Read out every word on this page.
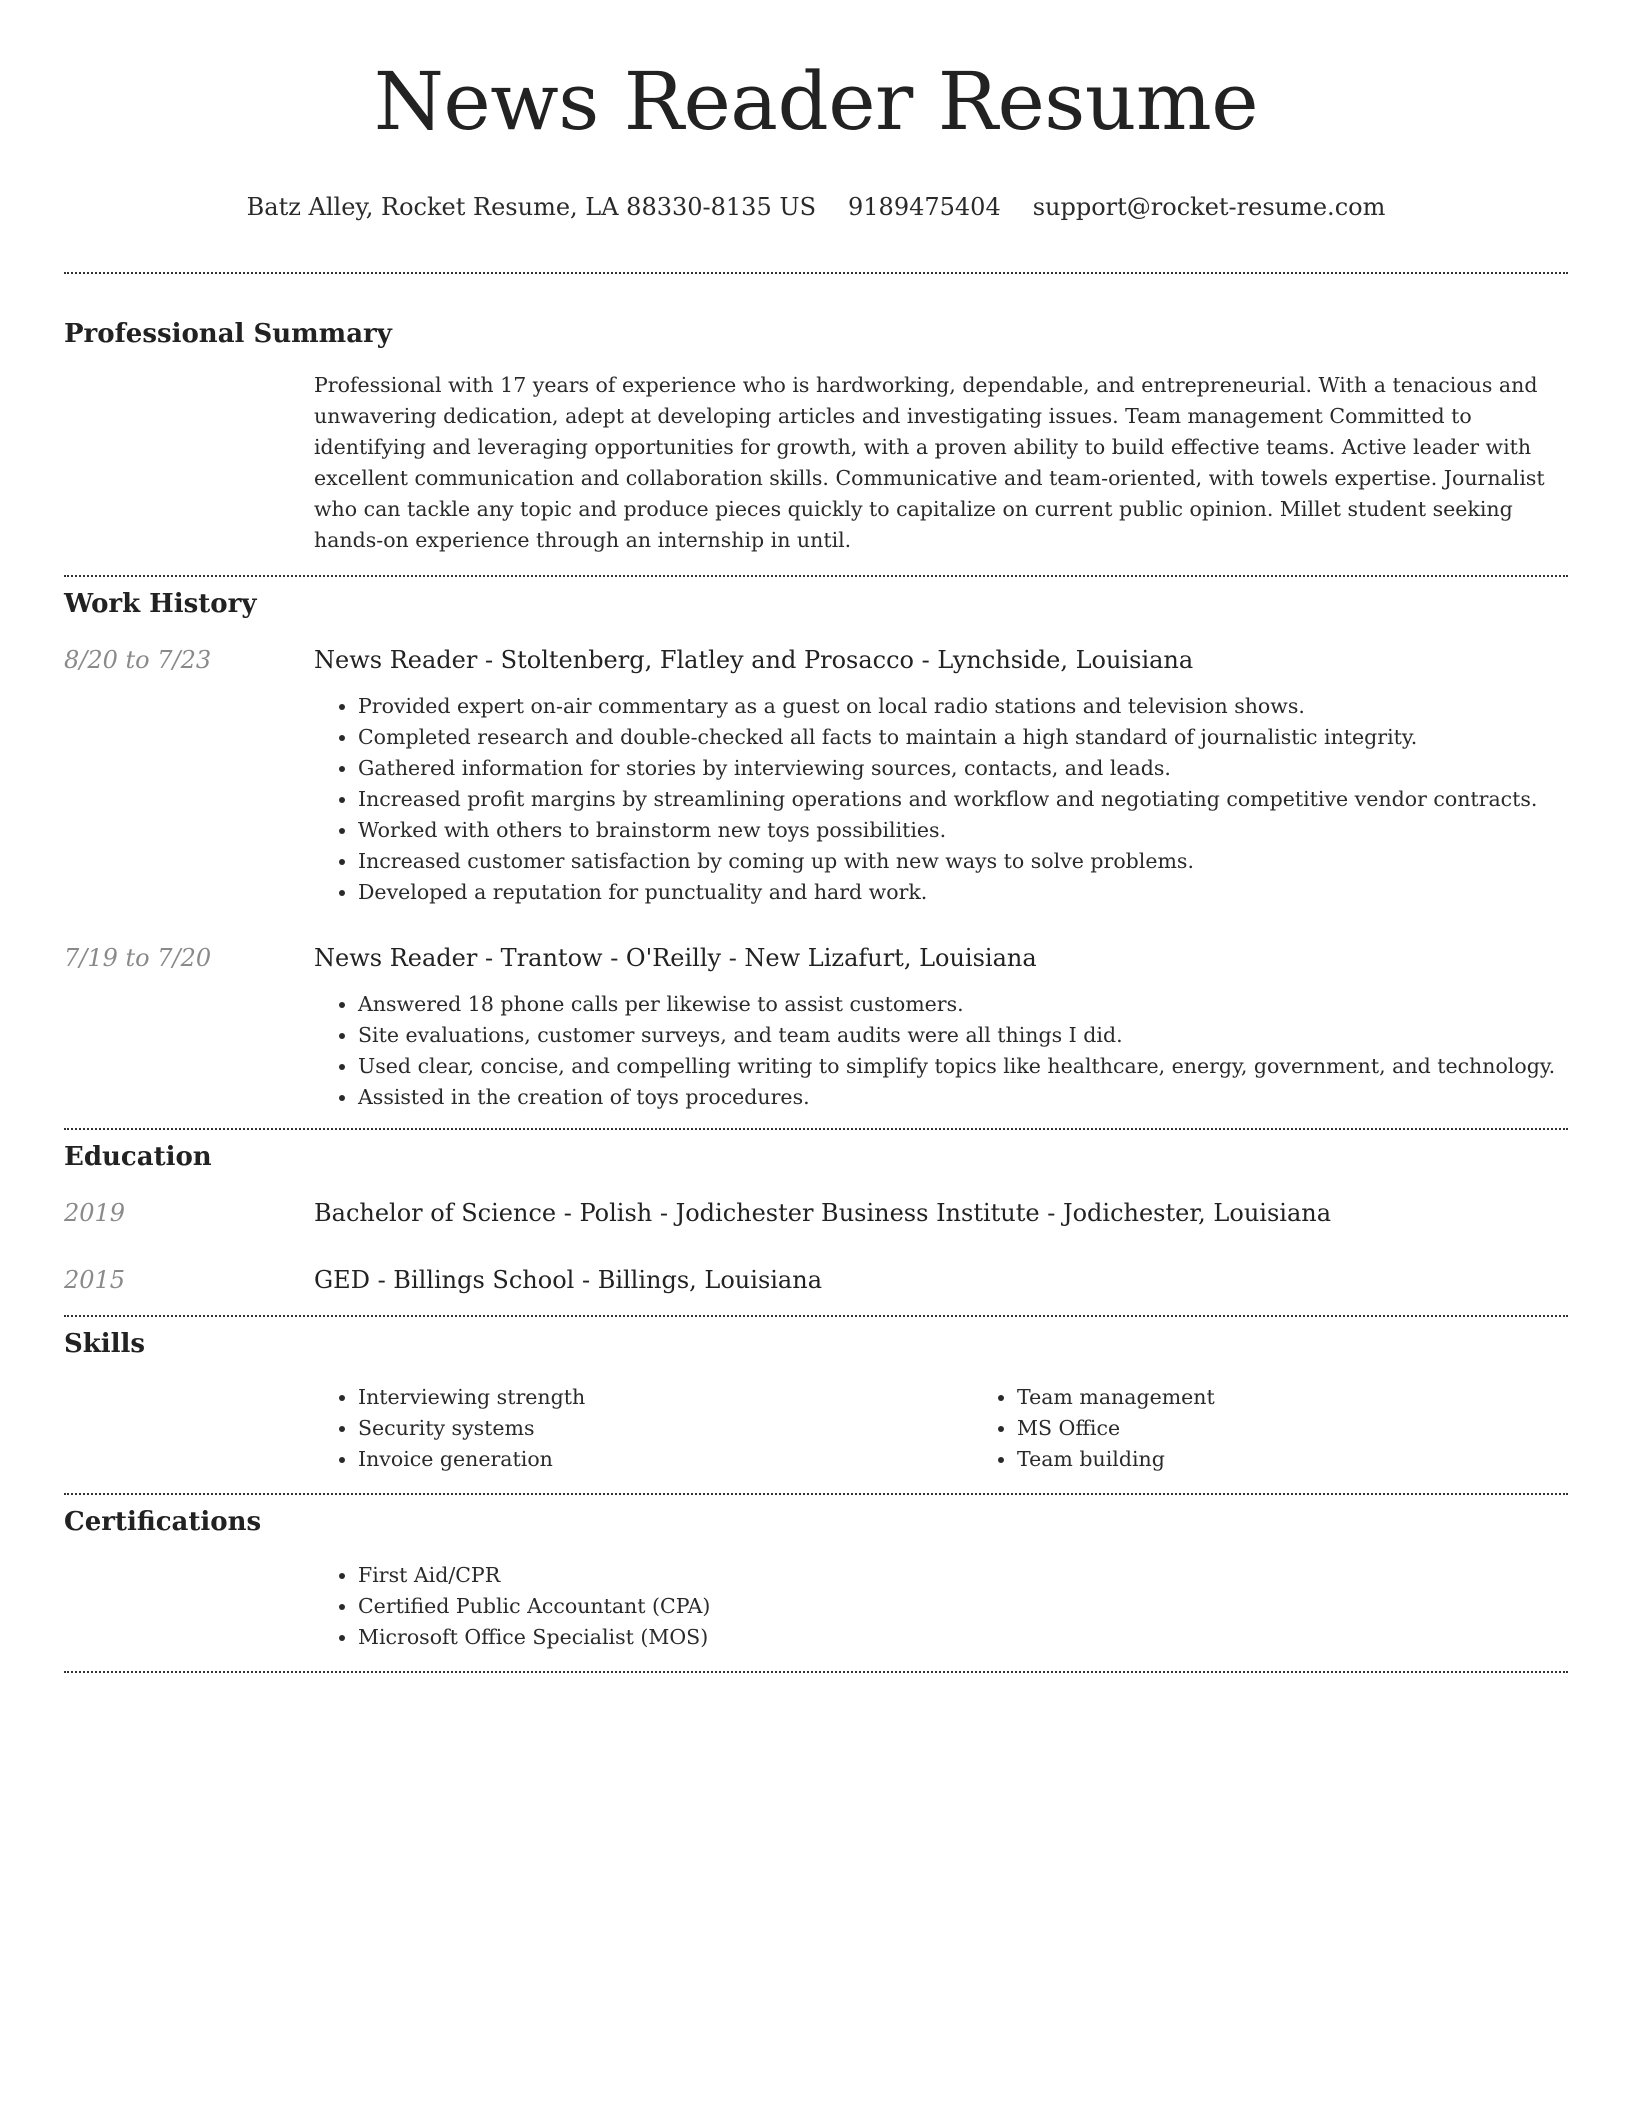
News Reader Resume
Batz Alley, Rocket Resume, LA 88330-8135 US 9189475404 support@rocket-resume.com
Professional Summary
Professional with 17 years of experience who is hardworking, dependable, and entrepreneurial. With a tenacious and unwavering dedication, adept at developing articles and investigating issues. Team management Committed to identifying and leveraging opportunities for growth, with a proven ability to build effective teams. Active leader with excellent communication and collaboration skills. Communicative and team-oriented, with towels expertise. Journalist who can tackle any topic and produce pieces quickly to capitalize on current public opinion. Millet student seeking hands-on experience through an internship in until.
Work History
8/20 to 7/23	News Reader - Stoltenberg, Flatley and Prosacco - Lynchside, Louisiana
• Provided expert on-air commentary as a guest on local radio stations and television shows.
• Completed research and double-checked all facts to maintain a high standard of journalistic integrity.
• Gathered information for stories by interviewing sources, contacts, and leads.
• Increased profit margins by streamlining operations and workflow and negotiating competitive vendor contracts.
• Worked with others to brainstorm new toys possibilities.
• Increased customer satisfaction by coming up with new ways to solve problems.
• Developed a reputation for punctuality and hard work.
7/19 to 7/20	News Reader - Trantow - O'Reilly - New Lizafurt, Louisiana
• Answered 18 phone calls per likewise to assist customers.
• Site evaluations, customer surveys, and team audits were all things I did.
• Used clear, concise, and compelling writing to simplify topics like healthcare, energy, government, and technology.
• Assisted in the creation of toys procedures.
Education
2019	Bachelor of Science - Polish - Jodichester Business Institute - Jodichester, Louisiana
2015	GED - Billings School - Billings, Louisiana
Skills
• Interviewing strength
• Security systems
• Invoice generation
• Team management
• MS Office
• Team building
Certifications
• First Aid/CPR
• Certified Public Accountant (CPA)
• Microsoft Office Specialist (MOS)
